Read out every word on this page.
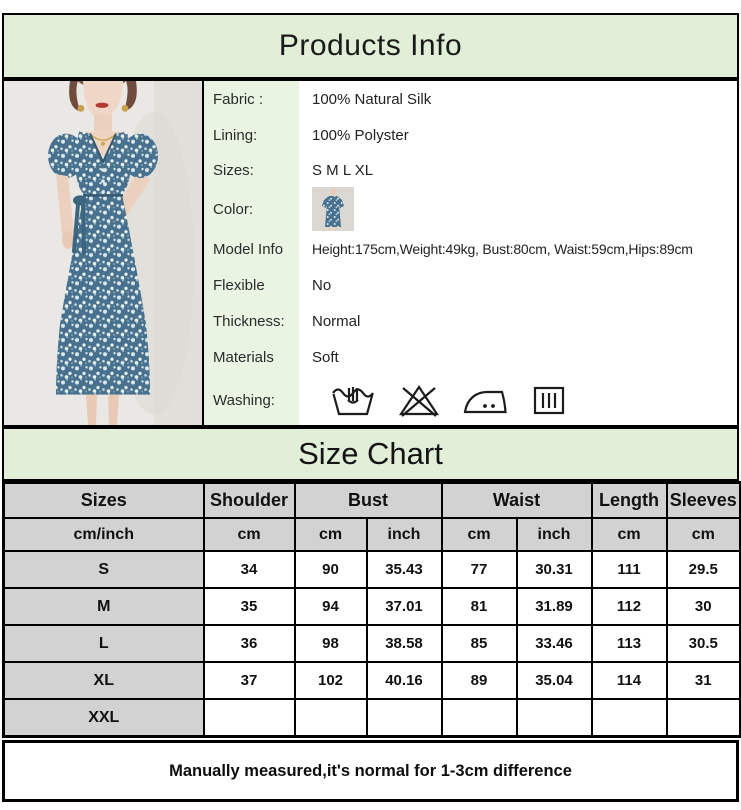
Products Info
Fabric :	100% Natural Silk
Lining:	100% Polyster
Sizes:	S M L XL
Color:
Model Info	Height:175cm,Weight:49kg, Bust:80cm, Waist:59cm,Hips:89cm
Flexible	No
Thickness:	Normal
Materials	Soft
Washing:
Size Chart
Sizes	Shoulder	Bust		Waist		Length	Sleeves
cm/inch	cm	cm	inch	cm	inch	cm	cm
S	34	90	35.43	77	30.31	111	29.5
M	35	94	37.01	81	31.89	112	30
L	36	98	38.58	85	33.46	113	30.5
XL	37	102	40.16	89	35.04	114	31
XXL							
Manually measured,it's normal for 1-3cm difference
